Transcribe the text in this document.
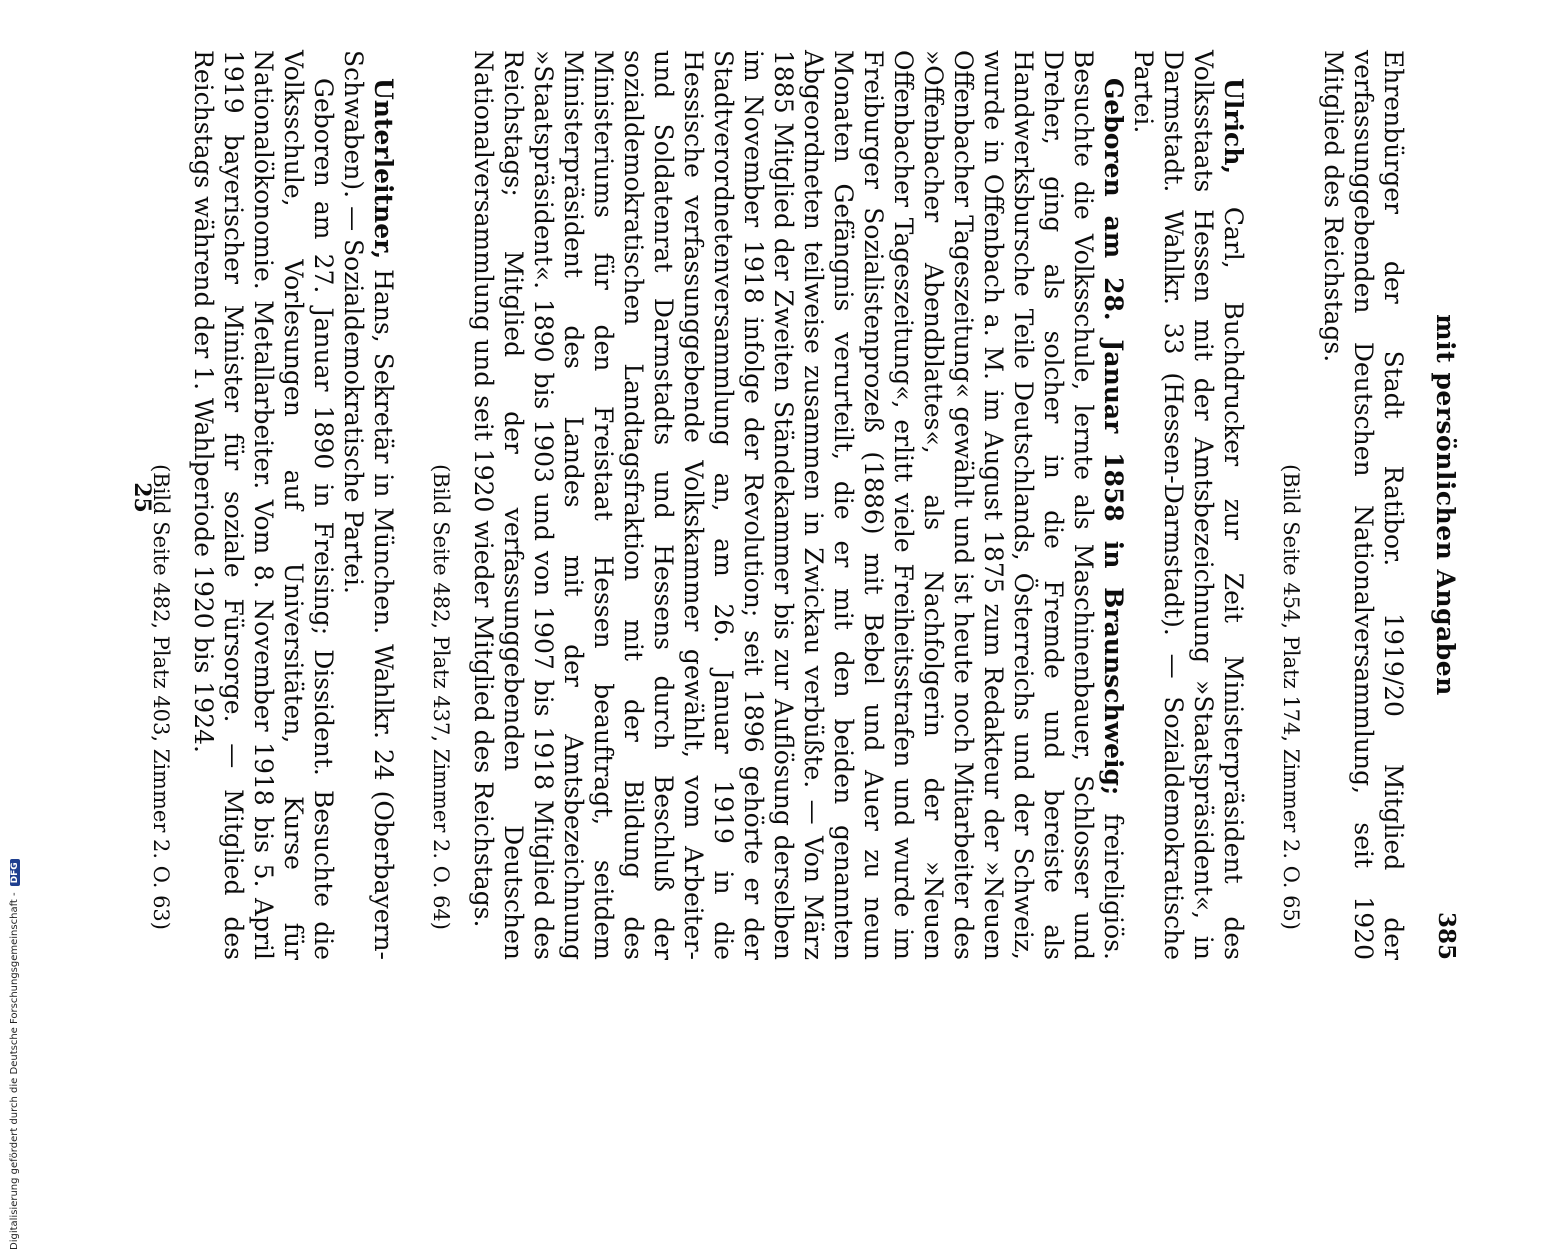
mit persönlichen Angaben
385

Ehrenbürger der Stadt Ratibor. 1919/20 Mitglied der verfassunggebenden Deutschen Nationalversammlung, seit 1920 Mitglied des Reichstags.

(Bild Seite 454, Platz 174, Zimmer 2. O. 65)

Ulrich, Carl, Buchdrucker zur Zeit Ministerpräsident des Volksstaats Hessen mit der Amtsbezeichnung »Staatspräsident«, in Darmstadt. Wahlkr. 33 (Hessen-Darmstadt). — Sozialdemokratische Partei.

Geboren am 28. Januar 1858 in Braunschweig; freireligiös. Besuchte die Volksschule, lernte als Maschinenbauer, Schlosser und Dreher, ging als solcher in die Fremde und bereiste als Handwerksbursche Teile Deutschlands, Österreichs und der Schweiz, wurde in Offenbach a. M. im August 1875 zum Redakteur der »Neuen Offenbacher Tageszeitung« gewählt und ist heute noch Mitarbeiter des »Offenbacher Abendblattes«, als Nachfolgerin der »Neuen Offenbacher Tageszeitung«, erlitt viele Freiheitsstrafen und wurde im Freiburger Sozialistenprozeß (1886) mit Bebel und Auer zu neun Monaten Gefängnis verurteilt, die er mit den beiden genannten Abgeordneten teilweise zusammen in Zwickau verbüßte. — Von März 1885 Mitglied der Zweiten Ständekammer bis zur Auflösung derselben im November 1918 infolge der Revolution; seit 1896 gehörte er der Stadtverordnetenversammlung an, am 26. Januar 1919 in die Hessische verfassunggebende Volkskammer gewählt, vom Arbeiter- und Soldatenrat Darmstadts und Hessens durch Beschluß der sozialdemokratischen Landtagsfraktion mit der Bildung des Ministeriums für den Freistaat Hessen beauftragt, seitdem Ministerpräsident des Landes mit der Amtsbezeichnung »Staatspräsident«. 1890 bis 1903 und von 1907 bis 1918 Mitglied des Reichstags; Mitglied der verfassunggebenden Deutschen Nationalversammlung und seit 1920 wieder Mitglied des Reichstags.

(Bild Seite 482, Platz 437, Zimmer 2. O. 64)

Unterleitner, Hans, Sekretär in München. Wahlkr. 24 (Oberbayern-Schwaben). — Sozialdemokratische Partei.

Geboren am 27. Januar 1890 in Freising; Dissident. Besuchte die Volksschule, Vorlesungen auf Universitäten, Kurse für Nationalökonomie. Metallarbeiter. Vom 8. November 1918 bis 5. April 1919 bayerischer Minister für soziale Fürsorge. — Mitglied des Reichstags während der 1. Wahlperiode 1920 bis 1924.

(Bild Seite 482, Platz 403, Zimmer 2. O. 63)

25
Digitalisierung gefördert durch die Deutsche Forschungsgemeinschaft -DFG
